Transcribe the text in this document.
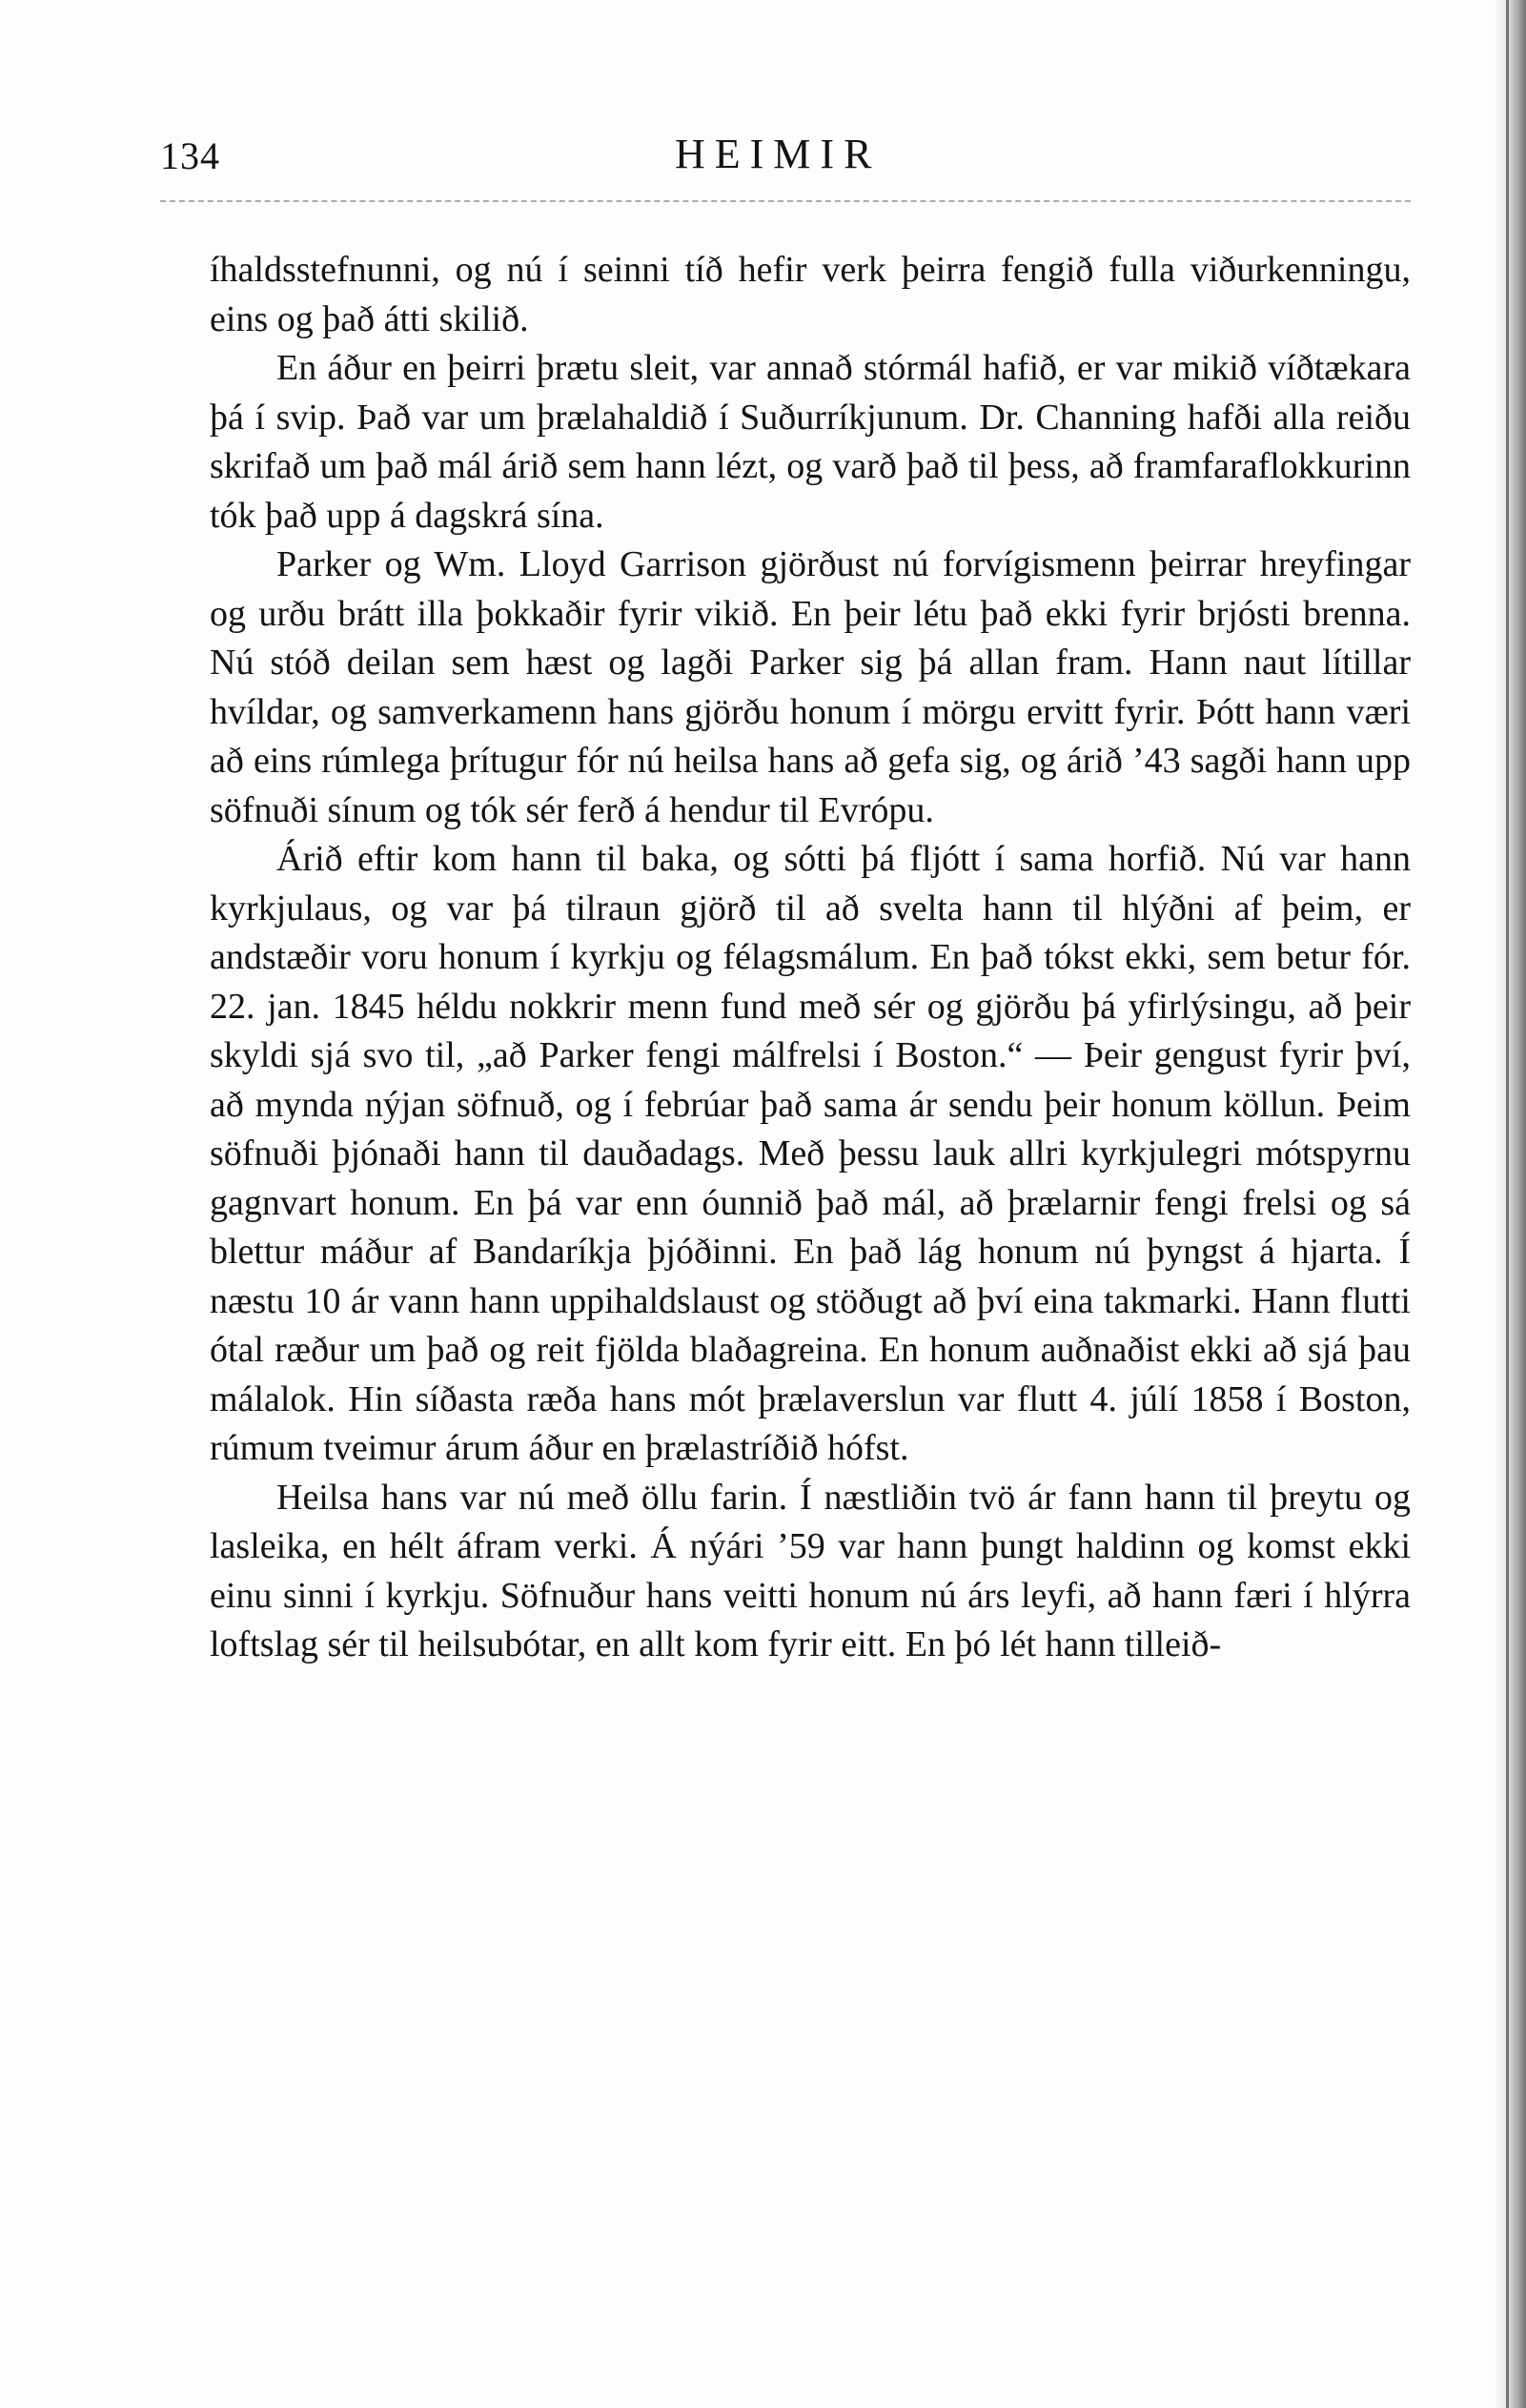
134	HEIMIR

íhaldsstefnunni, og nú í seinni tíð hefir verk þeirra fengið fulla viðurkenningu, eins og það átti skilið.

En áður en þeirri þrætu sleit, var annað stórmál hafið, er var mikið víðtækara þá í svip. Það var um þrælahaldið í Suðurríkjunum. Dr. Channing hafði alla reiðu skrifað um það mál árið sem hann lézt, og varð það til þess, að framfaraflokkurinn tók það upp á dagskrá sína.

Parker og Wm. Lloyd Garrison gjörðust nú forvígismenn þeirrar hreyfingar og urðu brátt illa þokkaðir fyrir vikið. En þeir létu það ekki fyrir brjósti brenna. Nú stóð deilan sem hæst og lagði Parker sig þá allan fram. Hann naut lítillar hvíldar, og samverkamenn hans gjörðu honum í mörgu ervitt fyrir. Þótt hann væri að eins rúmlega þrítugur fór nú heilsa hans að gefa sig, og árið ’43 sagði hann upp söfnuði sínum og tók sér ferð á hendur til Evrópu.

Árið eftir kom hann til baka, og sótti þá fljótt í sama horfið. Nú var hann kyrkjulaus, og var þá tilraun gjörð til að svelta hann til hlýðni af þeim, er andstæðir voru honum í kyrkju og félagsmálum. En það tókst ekki, sem betur fór. 22. jan. 1845 héldu nokkrir menn fund með sér og gjörðu þá yfirlýsingu, að þeir skyldi sjá svo til, „að Parker fengi málfrelsi í Boston.“ — Þeir gengust fyrir því, að mynda nýjan söfnuð, og í febrúar það sama ár sendu þeir honum köllun. Þeim söfnuði þjónaði hann til dauðadags. Með þessu lauk allri kyrkjulegri mótspyrnu gagnvart honum. En þá var enn óunnið það mál, að þrælarnir fengi frelsi og sá blettur máður af Bandaríkja þjóðinni. En það lág honum nú þyngst á hjarta. Í næstu 10 ár vann hann uppihaldslaust og stöðugt að því eina takmarki. Hann flutti ótal ræður um það og reit fjölda blaðagreina. En honum auðnaðist ekki að sjá þau málalok. Hin síðasta ræða hans mót þrælaverslun var flutt 4. júlí 1858 í Boston, rúmum tveimur árum áður en þrælastríðið hófst.

Heilsa hans var nú með öllu farin. Í næstliðin tvö ár fann hann til þreytu og lasleika, en hélt áfram verki. Á nýári ’59 var hann þungt haldinn og komst ekki einu sinni í kyrkju. Söfnuður hans veitti honum nú árs leyfi, að hann færi í hlýrra loftslag sér til heilsubótar, en allt kom fyrir eitt. En þó lét hann tilleið-
